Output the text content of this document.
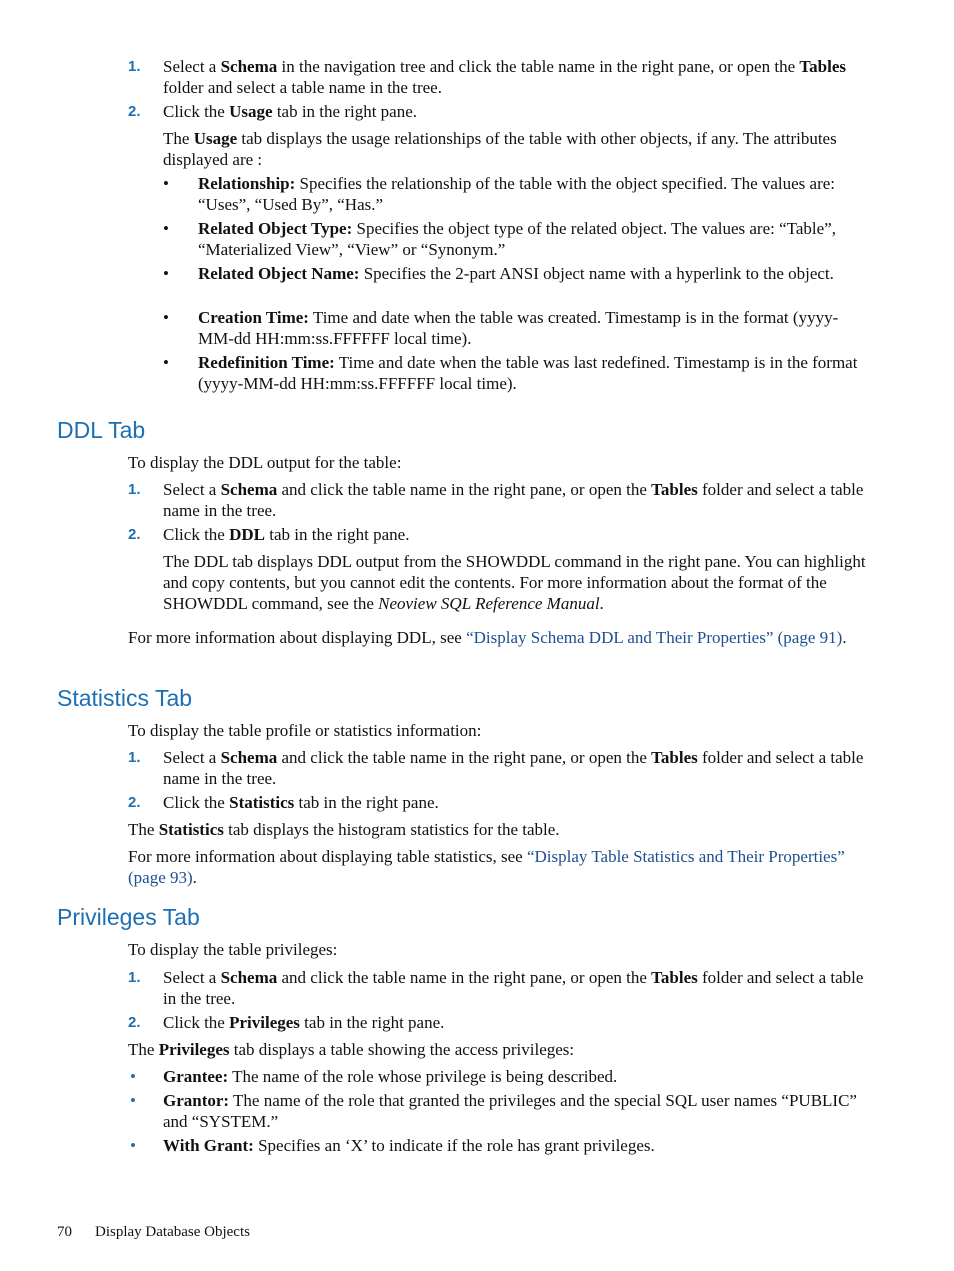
1.	Select a Schema in the navigation tree and click the table name in the right pane, or open the Tables folder and select a table name in the tree.
2.	Click the Usage tab in the right pane.
The Usage tab displays the usage relationships of the table with other objects, if any. The attributes displayed are :
•	Relationship: Specifies the relationship of the table with the object specified. The values are: “Uses”, “Used By”, “Has.”
•	Related Object Type: Specifies the object type of the related object. The values are: “Table”, “Materialized View”, “View” or “Synonym.”
•	Related Object Name: Specifies the 2-part ANSI object name with a hyperlink to the object.
•	Creation Time: Time and date when the table was created. Timestamp is in the format (yyyy-MM-dd HH:mm:ss.FFFFFF local time).
•	Redefinition Time: Time and date when the table was last redefined. Timestamp is in the format (yyyy-MM-dd HH:mm:ss.FFFFFF local time).
DDL Tab
To display the DDL output for the table:
1.	Select a Schema and click the table name in the right pane, or open the Tables folder and select a table name in the tree.
2.	Click the DDL tab in the right pane.
The DDL tab displays DDL output from the SHOWDDL command in the right pane. You can highlight and copy contents, but you cannot edit the contents. For more information about the format of the SHOWDDL command, see the Neoview SQL Reference Manual.
For more information about displaying DDL, see “Display Schema DDL and Their Properties” (page 91).
Statistics Tab
To display the table profile or statistics information:
1.	Select a Schema and click the table name in the right pane, or open the Tables folder and select a table name in the tree.
2.	Click the Statistics tab in the right pane.
The Statistics tab displays the histogram statistics for the table.
For more information about displaying table statistics, see “Display Table Statistics and Their Properties” (page 93).
Privileges Tab
To display the table privileges:
1.	Select a Schema and click the table name in the right pane, or open the Tables folder and select a table in the tree.
2.	Click the Privileges tab in the right pane.
The Privileges tab displays a table showing the access privileges:
• Grantee: The name of the role whose privilege is being described.
• Grantor: The name of the role that granted the privileges and the special SQL user names “PUBLIC” and “SYSTEM.”
• With Grant: Specifies an ‘X’ to indicate if the role has grant privileges.
70 Display Database Objects
